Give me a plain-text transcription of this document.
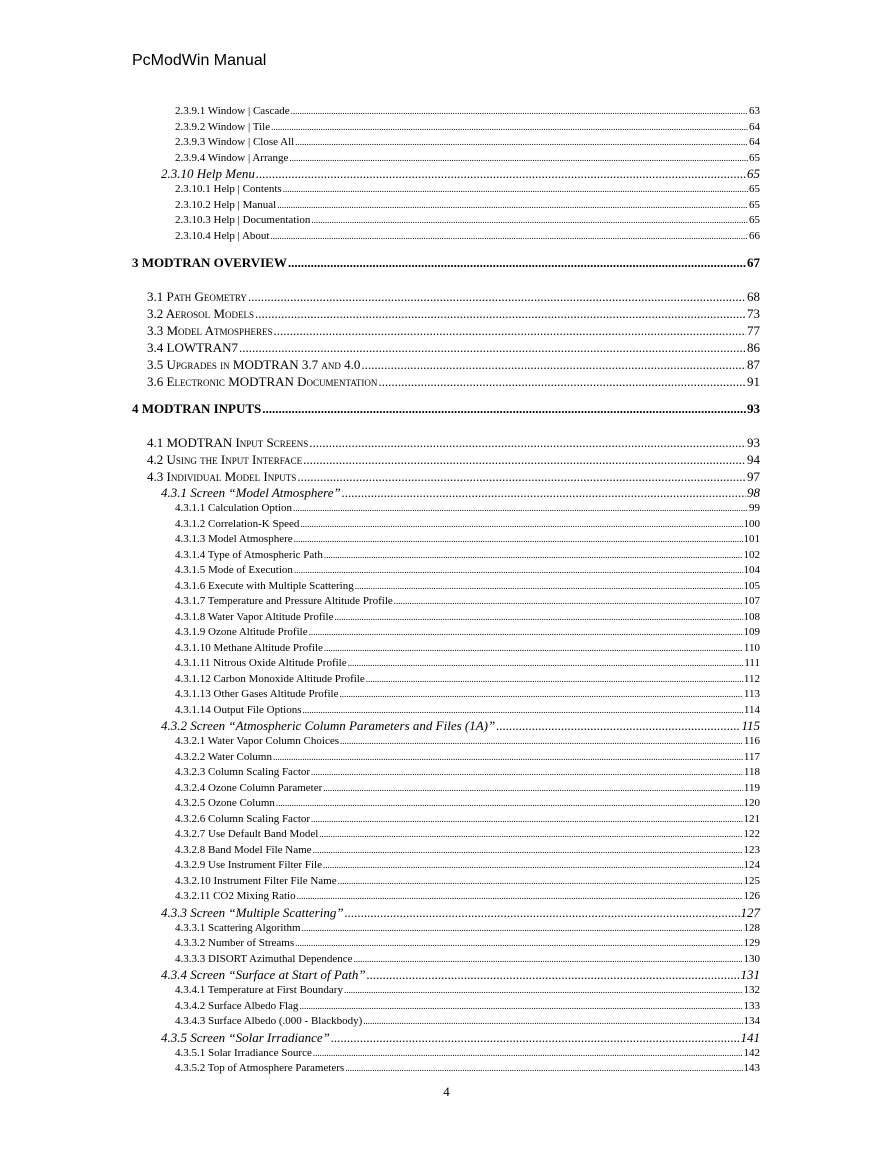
PcModWin Manual
2.3.9.1 Window | Cascade .....	63
2.3.9.2 Window | Tile .....	64
2.3.9.3 Window | Close All .....	64
2.3.9.4 Window | Arrange .....	65
2.3.10 Help Menu .....	65
2.3.10.1 Help | Contents .....	65
2.3.10.2 Help | Manual .....	65
2.3.10.3 Help | Documentation .....	65
2.3.10.4 Help | About .....	66
3 MODTRAN OVERVIEW .....	67
3.1 Path Geometry .....	68
3.2 Aerosol Models .....	73
3.3 Model Atmospheres .....	77
3.4 LOWTRAN7 .....	86
3.5 Upgrades in MODTRAN 3.7 and 4.0 .....	87
3.6 Electronic MODTRAN Documentation .....	91
4 MODTRAN INPUTS .....	93
4.1 MODTRAN Input Screens .....	93
4.2 Using the Input Interface .....	94
4.3 Individual Model Inputs .....	97
4.3.1 Screen “Model Atmosphere” .....	98
4.3.1.1 Calculation Option .....	99
4.3.1.2 Correlation-K Speed .....	100
4.3.1.3 Model Atmosphere .....	101
4.3.1.4 Type of Atmospheric Path .....	102
4.3.1.5 Mode of Execution .....	104
4.3.1.6 Execute with Multiple Scattering .....	105
4.3.1.7 Temperature and Pressure Altitude Profile .....	107
4.3.1.8 Water Vapor Altitude Profile .....	108
4.3.1.9 Ozone Altitude Profile .....	109
4.3.1.10 Methane Altitude Profile .....	110
4.3.1.11 Nitrous Oxide Altitude Profile .....	111
4.3.1.12 Carbon Monoxide Altitude Profile .....	112
4.3.1.13 Other Gases Altitude Profile .....	113
4.3.1.14 Output File Options .....	114
4.3.2 Screen “Atmospheric Column Parameters and Files (1A)” .....	115
4.3.2.1 Water Vapor Column Choices .....	116
4.3.2.2 Water Column .....	117
4.3.2.3 Column Scaling Factor .....	118
4.3.2.4 Ozone Column Parameter .....	119
4.3.2.5 Ozone Column .....	120
4.3.2.6 Column Scaling Factor .....	121
4.3.2.7 Use Default Band Model .....	122
4.3.2.8 Band Model File Name .....	123
4.3.2.9 Use Instrument Filter File .....	124
4.3.2.10 Instrument Filter File Name .....	125
4.3.2.11 CO2 Mixing Ratio .....	126
4.3.3 Screen “Multiple Scattering” .....	127
4.3.3.1 Scattering Algorithm .....	128
4.3.3.2 Number of Streams .....	129
4.3.3.3 DISORT Azimuthal Dependence .....	130
4.3.4 Screen “Surface at Start of Path” .....	131
4.3.4.1 Temperature at First Boundary .....	132
4.3.4.2 Surface Albedo Flag .....	133
4.3.4.3 Surface Albedo (.000 - Blackbody) .....	134
4.3.5 Screen “Solar Irradiance” .....	141
4.3.5.1 Solar Irradiance Source .....	142
4.3.5.2 Top of Atmosphere Parameters .....	143
4
